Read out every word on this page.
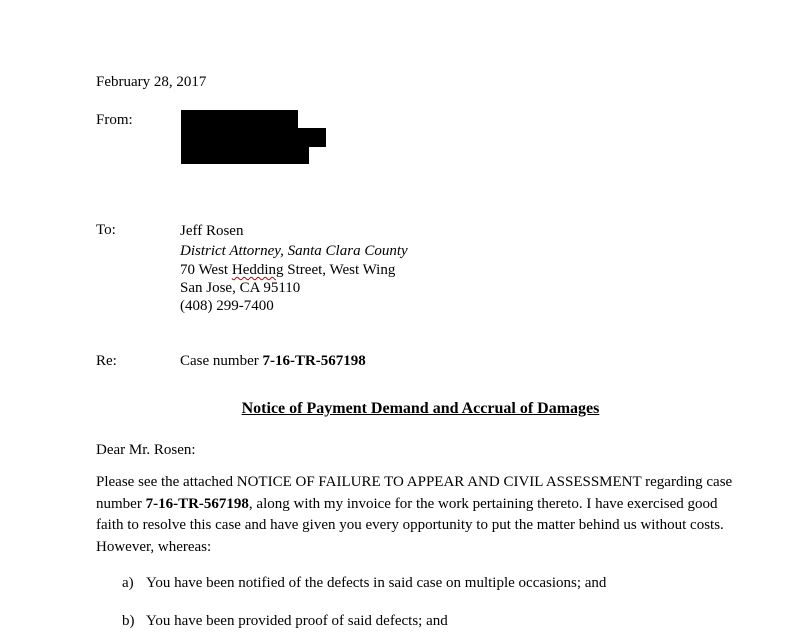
February 28, 2017
From:
To:	Jeff Rosen
District Attorney, Santa Clara County
70 West Hedding Street, West Wing
San Jose, CA 95110
(408) 299-7400
Re:	Case number 7-16-TR-567198
Notice of Payment Demand and Accrual of Damages
Dear Mr. Rosen:
Please see the attached NOTICE OF FAILURE TO APPEAR AND CIVIL ASSESSMENT regarding case number 7-16-TR-567198, along with my invoice for the work pertaining thereto. I have exercised good faith to resolve this case and have given you every opportunity to put the matter behind us without costs. However, whereas:
a) You have been notified of the defects in said case on multiple occasions; and
b) You have been provided proof of said defects; and
